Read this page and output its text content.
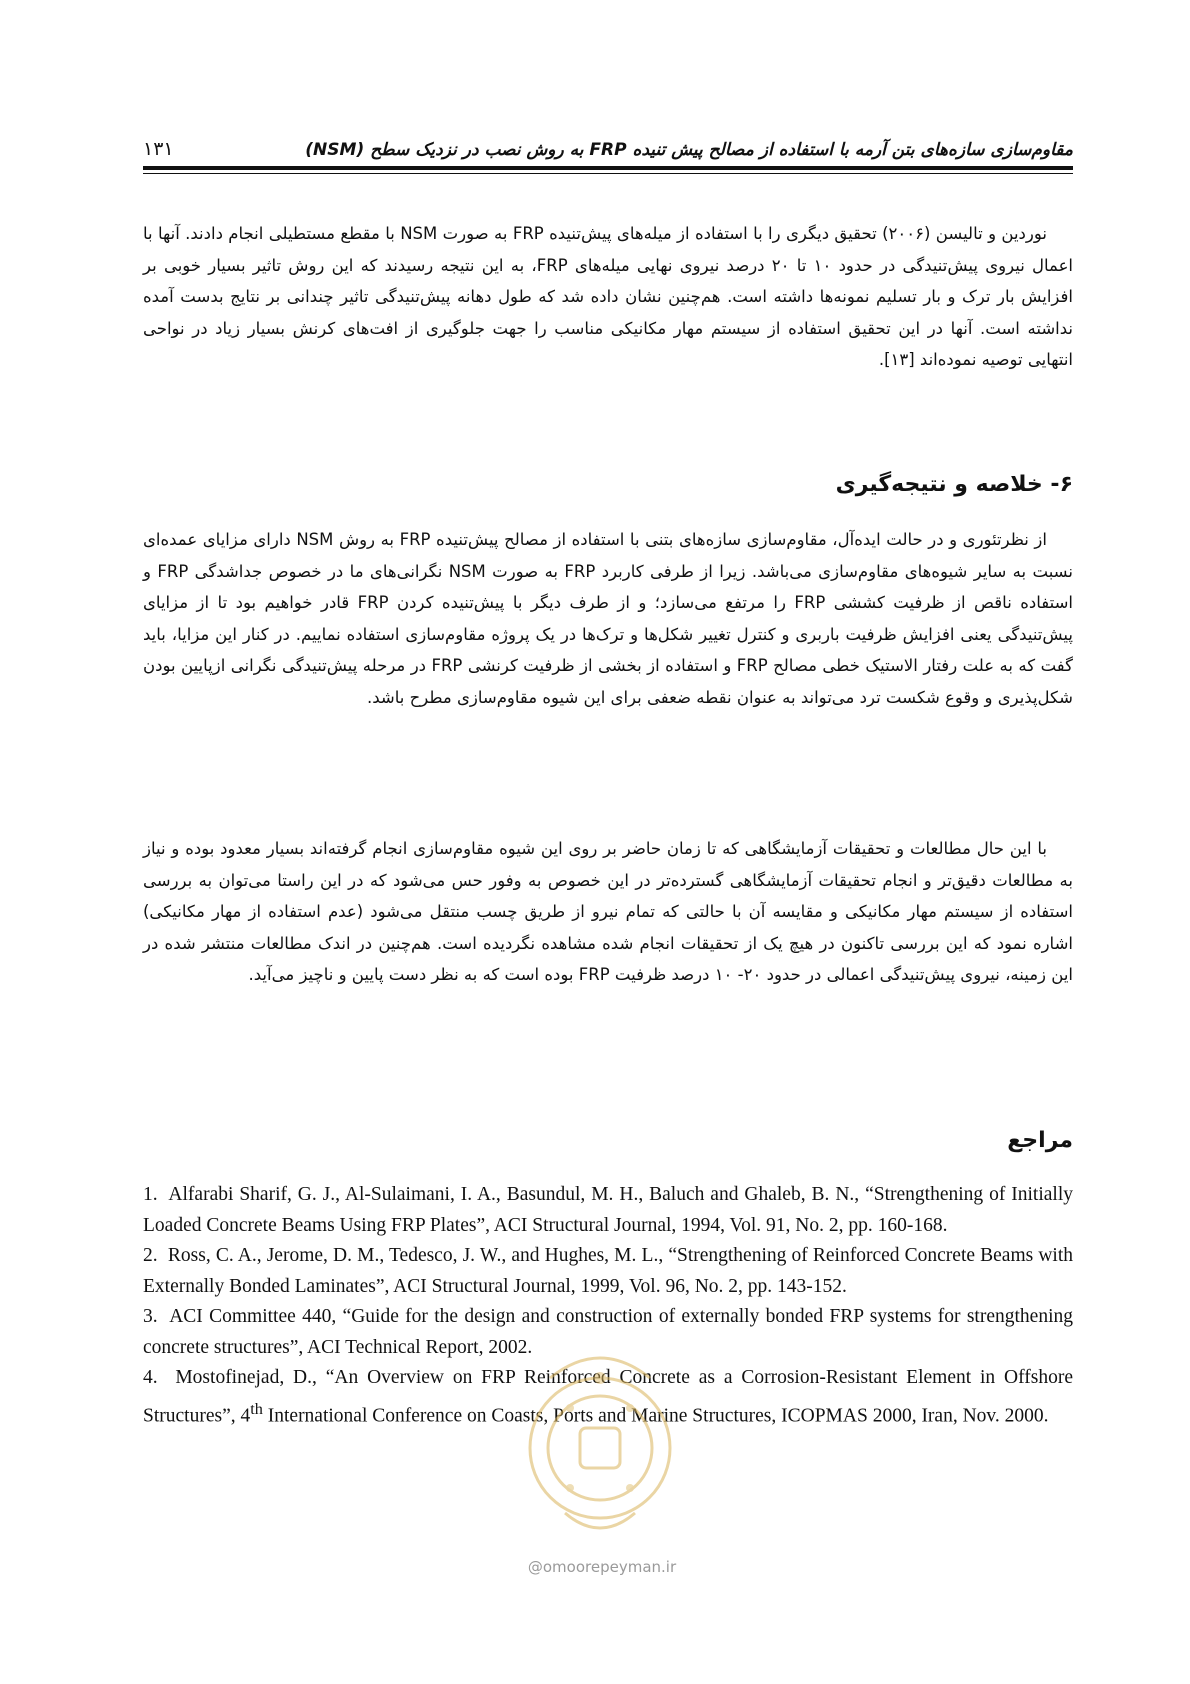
۱۳۱	مقاوم‌سازی سازه‌های بتن آرمه با استفاده از مصالح پیش تنیده FRP به روش نصب در نزدیک سطح (NSM)

نوردین و تالیسن (۲۰۰۶) تحقیق دیگری را با استفاده از میله‌های پیش‌تنیده FRP به صورت NSM با مقطع مستطیلی انجام دادند. آنها با اعمال نیروی پیش‌تنیدگی در حدود ۱۰ تا ۲۰ درصد نیروی نهایی میله‌های FRP، به این نتیجه رسیدند که این روش تاثیر بسیار خوبی بر افزایش بار ترک و بار تسلیم نمونه‌ها داشته است. هم‌چنین نشان داده شد که طول دهانه پیش‌تنیدگی تاثیر چندانی بر نتایج بدست آمده نداشته است. آنها در این تحقیق استفاده از سیستم مهار مکانیکی مناسب را جهت جلوگیری از افت‌های کرنش بسیار زیاد در نواحی انتهایی توصیه نموده‌اند [۱۳].

۶- خلاصه و نتیجه‌گیری

از نظرتئوری و در حالت ایده‌آل، مقاوم‌سازی سازه‌های بتنی با استفاده از مصالح پیش‌تنیده FRP به روش NSM دارای مزایای عمده‌ای نسبت به سایر شیوه‌های مقاوم‌سازی می‌باشد. زیرا از طرفی کاربرد FRP به صورت NSM نگرانی‌های ما در خصوص جداشدگی FRP و استفاده ناقص از ظرفیت کششی FRP را مرتفع می‌سازد؛ و از طرف دیگر با پیش‌تنیده کردن FRP قادر خواهیم بود تا از مزایای پیش‌تنیدگی یعنی افزایش ظرفیت باربری و کنترل تغییر شکل‌ها و ترک‌ها در یک پروژه مقاوم‌سازی استفاده نماییم. در کنار این مزایا، باید گفت که به علت رفتار الاستیک خطی مصالح FRP و استفاده از بخشی از ظرفیت کرنشی FRP در مرحله پیش‌تنیدگی نگرانی ازپایین بودن شکل‌پذیری و وقوع شکست ترد می‌تواند به عنوان نقطه ضعفی برای این شیوه مقاوم‌سازی مطرح باشد.

با این حال مطالعات و تحقیقات آزمایشگاهی که تا زمان حاضر بر روی این شیوه مقاوم‌سازی انجام گرفته‌اند بسیار معدود بوده و نیاز به مطالعات دقیق‌تر و انجام تحقیقات آزمایشگاهی گسترده‌تر در این خصوص به وفور حس می‌شود که در این راستا می‌توان به بررسی استفاده از سیستم مهار مکانیکی و مقایسه آن با حالتی که تمام نیرو از طریق چسب منتقل می‌شود (عدم استفاده از مهار مکانیکی) اشاره نمود که این بررسی تاکنون در هیچ یک از تحقیقات انجام شده مشاهده نگردیده است. هم‌چنین در اندک مطالعات منتشر شده در این زمینه، نیروی پیش‌تنیدگی اعمالی در حدود ۲۰- ۱۰ درصد ظرفیت FRP بوده است که به نظر دست پایین و ناچیز می‌آید.

مراجع

1. Alfarabi Sharif, G. J., Al-Sulaimani, I. A., Basundul, M. H., Baluch and Ghaleb, B. N., “Strengthening of Initially Loaded Concrete Beams Using FRP Plates”, ACI Structural Journal, 1994, Vol. 91, No. 2, pp. 160-168.

2. Ross, C. A., Jerome, D. M., Tedesco, J. W., and Hughes, M. L., “Strengthening of Reinforced Concrete Beams with Externally Bonded Laminates”, ACI Structural Journal, 1999, Vol. 96, No. 2, pp. 143-152.

3. ACI Committee 440, “Guide for the design and construction of externally bonded FRP systems for strengthening concrete structures”, ACI Technical Report, 2002.

4. Mostofinejad, D., “An Overview on FRP Reinforced Concrete as a Corrosion-Resistant Element in Offshore Structures”, 4th International Conference on Coasts, Ports and Marine Structures, ICOPMAS 2000, Iran, Nov. 2000.

@omoorepeyman.ir
